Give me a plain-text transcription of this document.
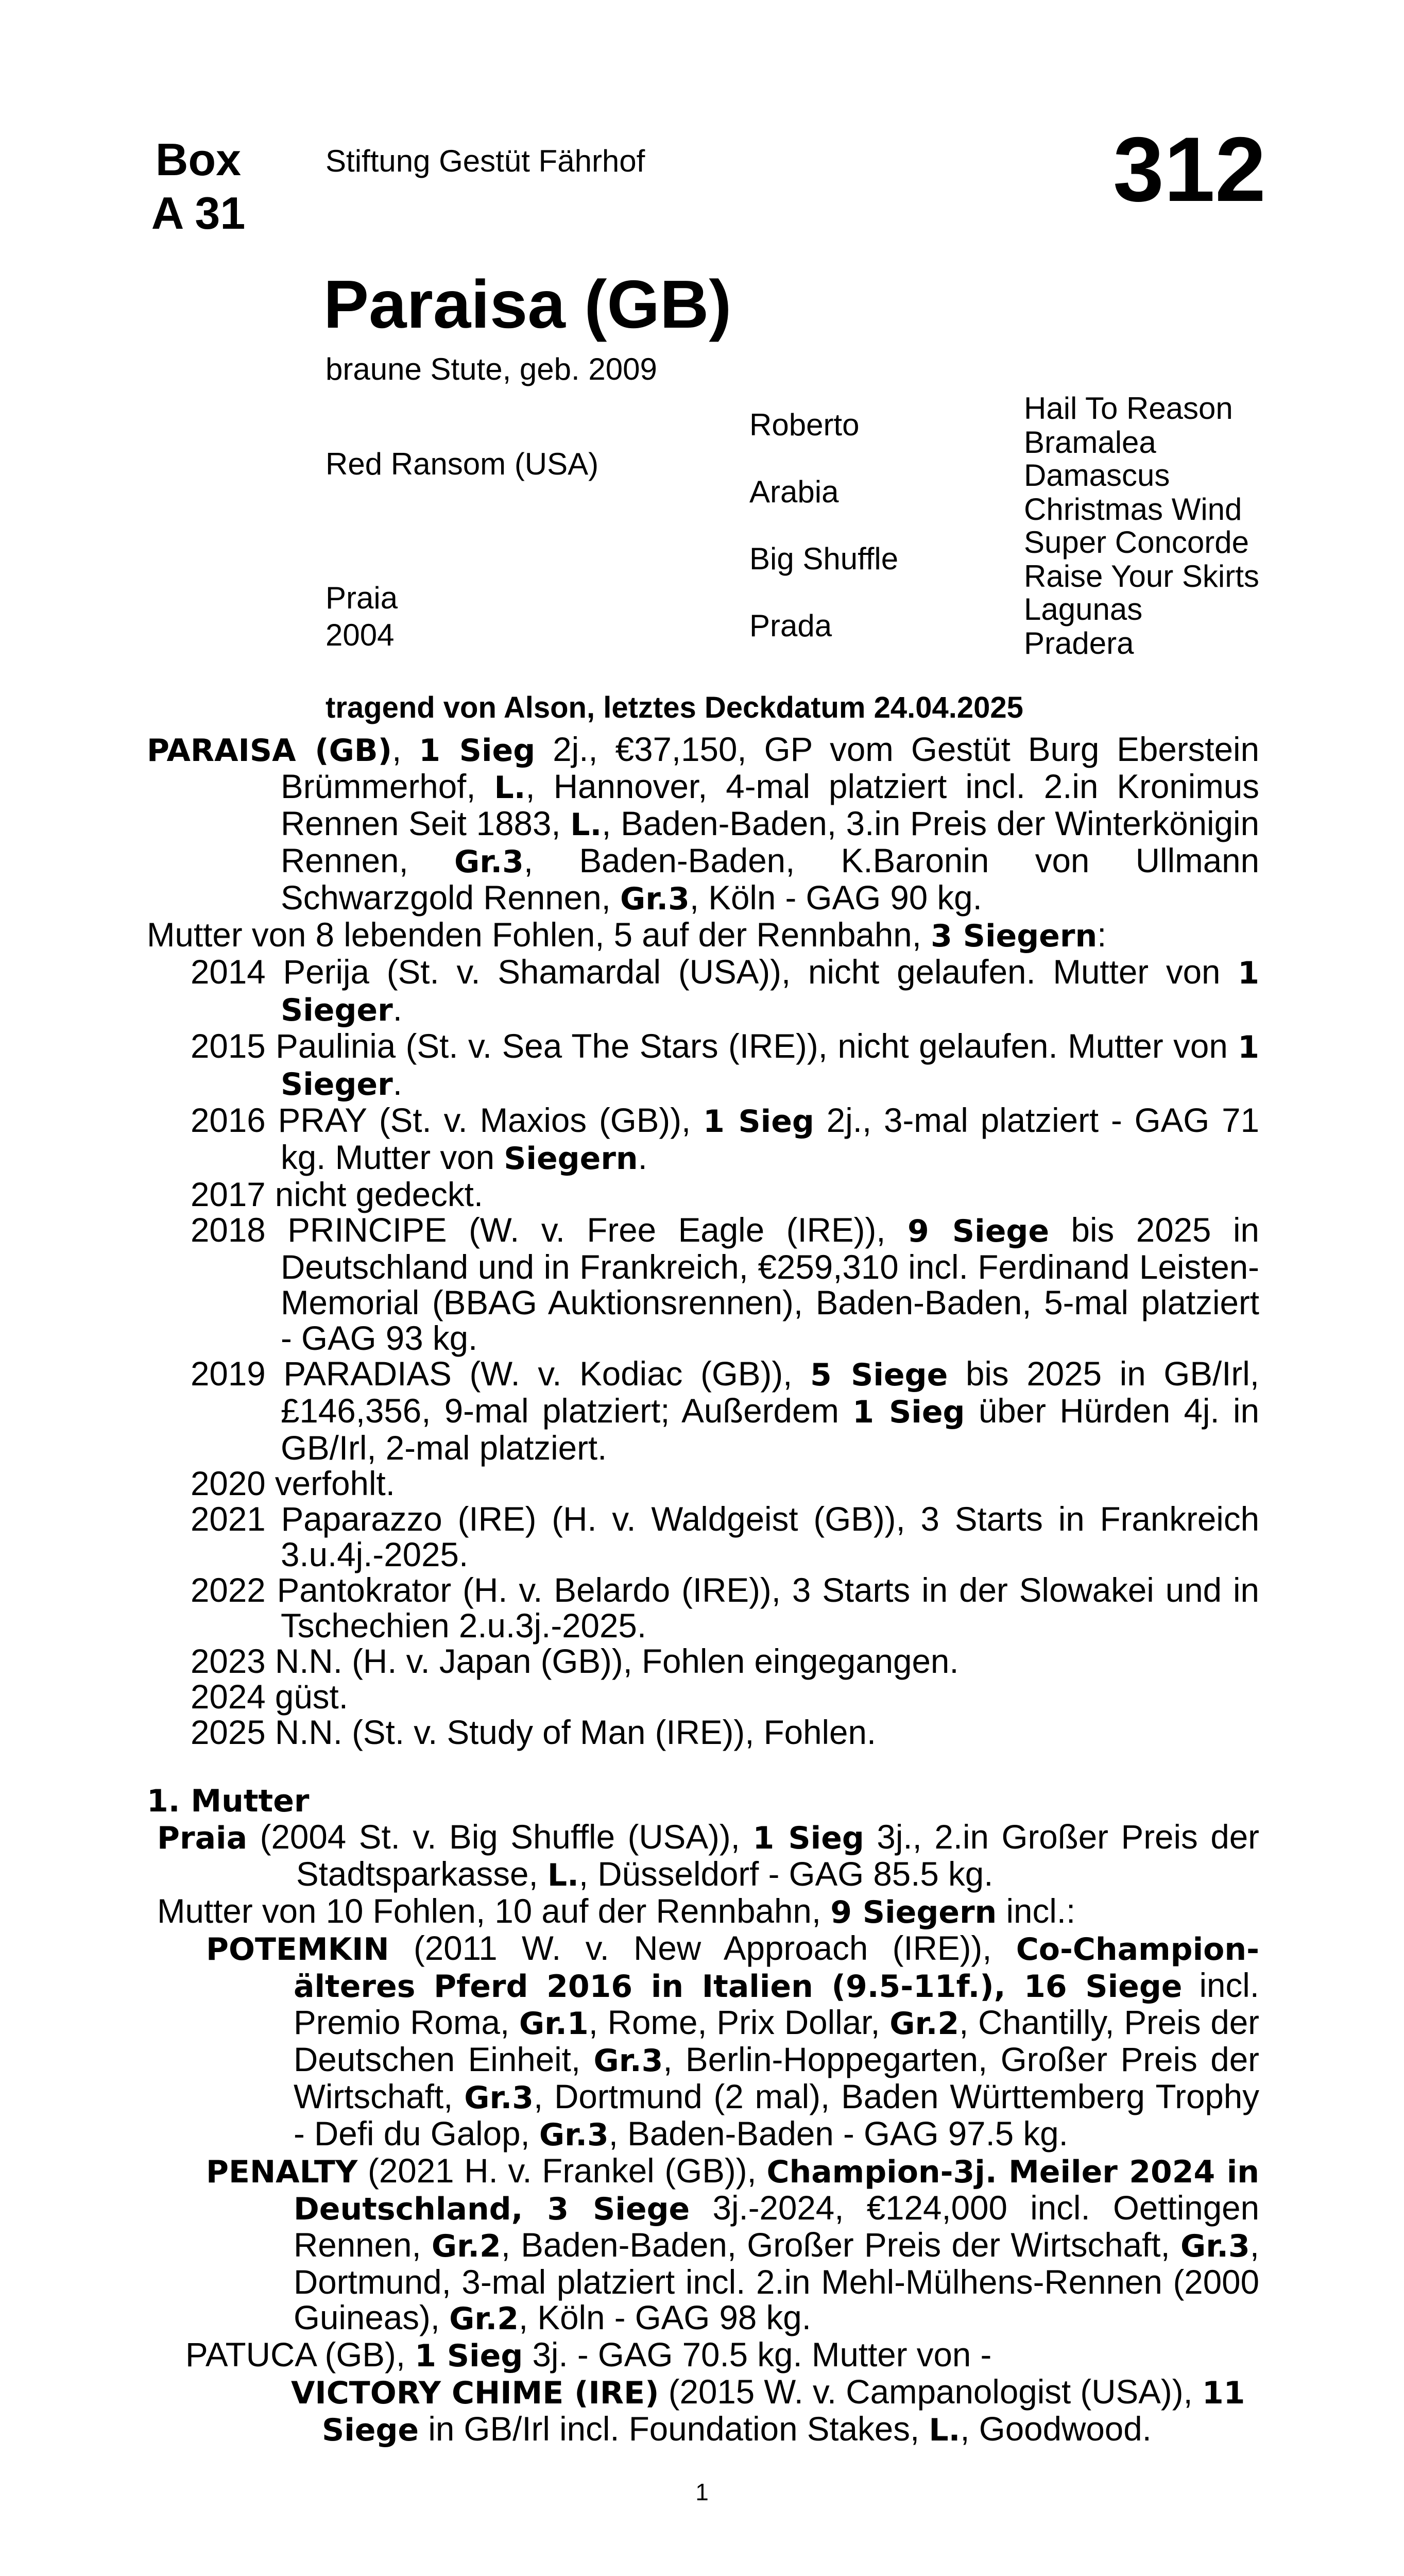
Box
A 31
Stiftung Gestüt Fährhof	312
Paraisa (GB)
braune Stute, geb. 2009
Red Ransom (USA)
Praia
2004
Roberto
Arabia
Big Shuffle
Prada
Hail To Reason
Bramalea
Damascus
Christmas Wind
Super Concorde
Raise Your Skirts
Lagunas
Pradera
tragend von Alson, letztes Deckdatum 24.04.2025

PARAISA (GB), 1 Sieg 2j., €37,150, GP vom Gestüt Burg Eberstein Brümmerhof, L., Hannover, 4-mal platziert incl. 2.in Kronimus Rennen Seit 1883, L., Baden-Baden, 3.in Preis der Winterkönigin Rennen, Gr.3, Baden-Baden, K.Baronin von Ullmann Schwarzgold Rennen, Gr.3, Köln - GAG 90 kg.

Mutter von 8 lebenden Fohlen, 5 auf der Rennbahn, 3 Siegern:

2014 Perija (St. v. Shamardal (USA)), nicht gelaufen. Mutter von 1 Sieger.

2015 Paulinia (St. v. Sea The Stars (IRE)), nicht gelaufen. Mutter von 1 Sieger.

2016 PRAY (St. v. Maxios (GB)), 1 Sieg 2j., 3-mal platziert - GAG 71 kg. Mutter von Siegern.

2017 nicht gedeckt.

2018 PRINCIPE (W. v. Free Eagle (IRE)), 9 Siege bis 2025 in Deutschland und in Frankreich, €259,310 incl. Ferdinand Leisten-Memorial (BBAG Auktionsrennen), Baden-Baden, 5-mal platziert - GAG 93 kg.

2019 PARADIAS (W. v. Kodiac (GB)), 5 Siege bis 2025 in GB/Irl, £146,356, 9-mal platziert; Außerdem 1 Sieg über Hürden 4j. in GB/Irl, 2-mal platziert.

2020 verfohlt.

2021 Paparazzo (IRE) (H. v. Waldgeist (GB)), 3 Starts in Frankreich 3.u.4j.-2025.

2022 Pantokrator (H. v. Belardo (IRE)), 3 Starts in der Slowakei und in Tschechien 2.u.3j.-2025.

2023 N.N. (H. v. Japan (GB)), Fohlen eingegangen.

2024 güst.

2025 N.N. (St. v. Study of Man (IRE)), Fohlen.

1. Mutter

Praia (2004 St. v. Big Shuffle (USA)), 1 Sieg 3j., 2.in Großer Preis der Stadtsparkasse, L., Düsseldorf - GAG 85.5 kg.

Mutter von 10 Fohlen, 10 auf der Rennbahn, 9 Siegern incl.:

POTEMKIN (2011 W. v. New Approach (IRE)), Co-Champion-älteres Pferd 2016 in Italien (9.5-11f.), 16 Siege incl. Premio Roma, Gr.1, Rome, Prix Dollar, Gr.2, Chantilly, Preis der Deutschen Einheit, Gr.3, Berlin-Hoppegarten, Großer Preis der Wirtschaft, Gr.3, Dortmund (2 mal), Baden Württemberg Trophy - Defi du Galop, Gr.3, Baden-Baden - GAG 97.5 kg.

PENALTY (2021 H. v. Frankel (GB)), Champion-3j. Meiler 2024 in Deutschland, 3 Siege 3j.-2024, €124,000 incl. Oettingen Rennen, Gr.2, Baden-Baden, Großer Preis der Wirtschaft, Gr.3, Dortmund, 3-mal platziert incl. 2.in Mehl-Mülhens-Rennen (2000 Guineas), Gr.2, Köln - GAG 98 kg.

PATUCA (GB), 1 Sieg 3j. - GAG 70.5 kg. Mutter von -

VICTORY CHIME (IRE) (2015 W. v. Campanologist (USA)), 11 Siege in GB/Irl incl. Foundation Stakes, L., Goodwood.

1
